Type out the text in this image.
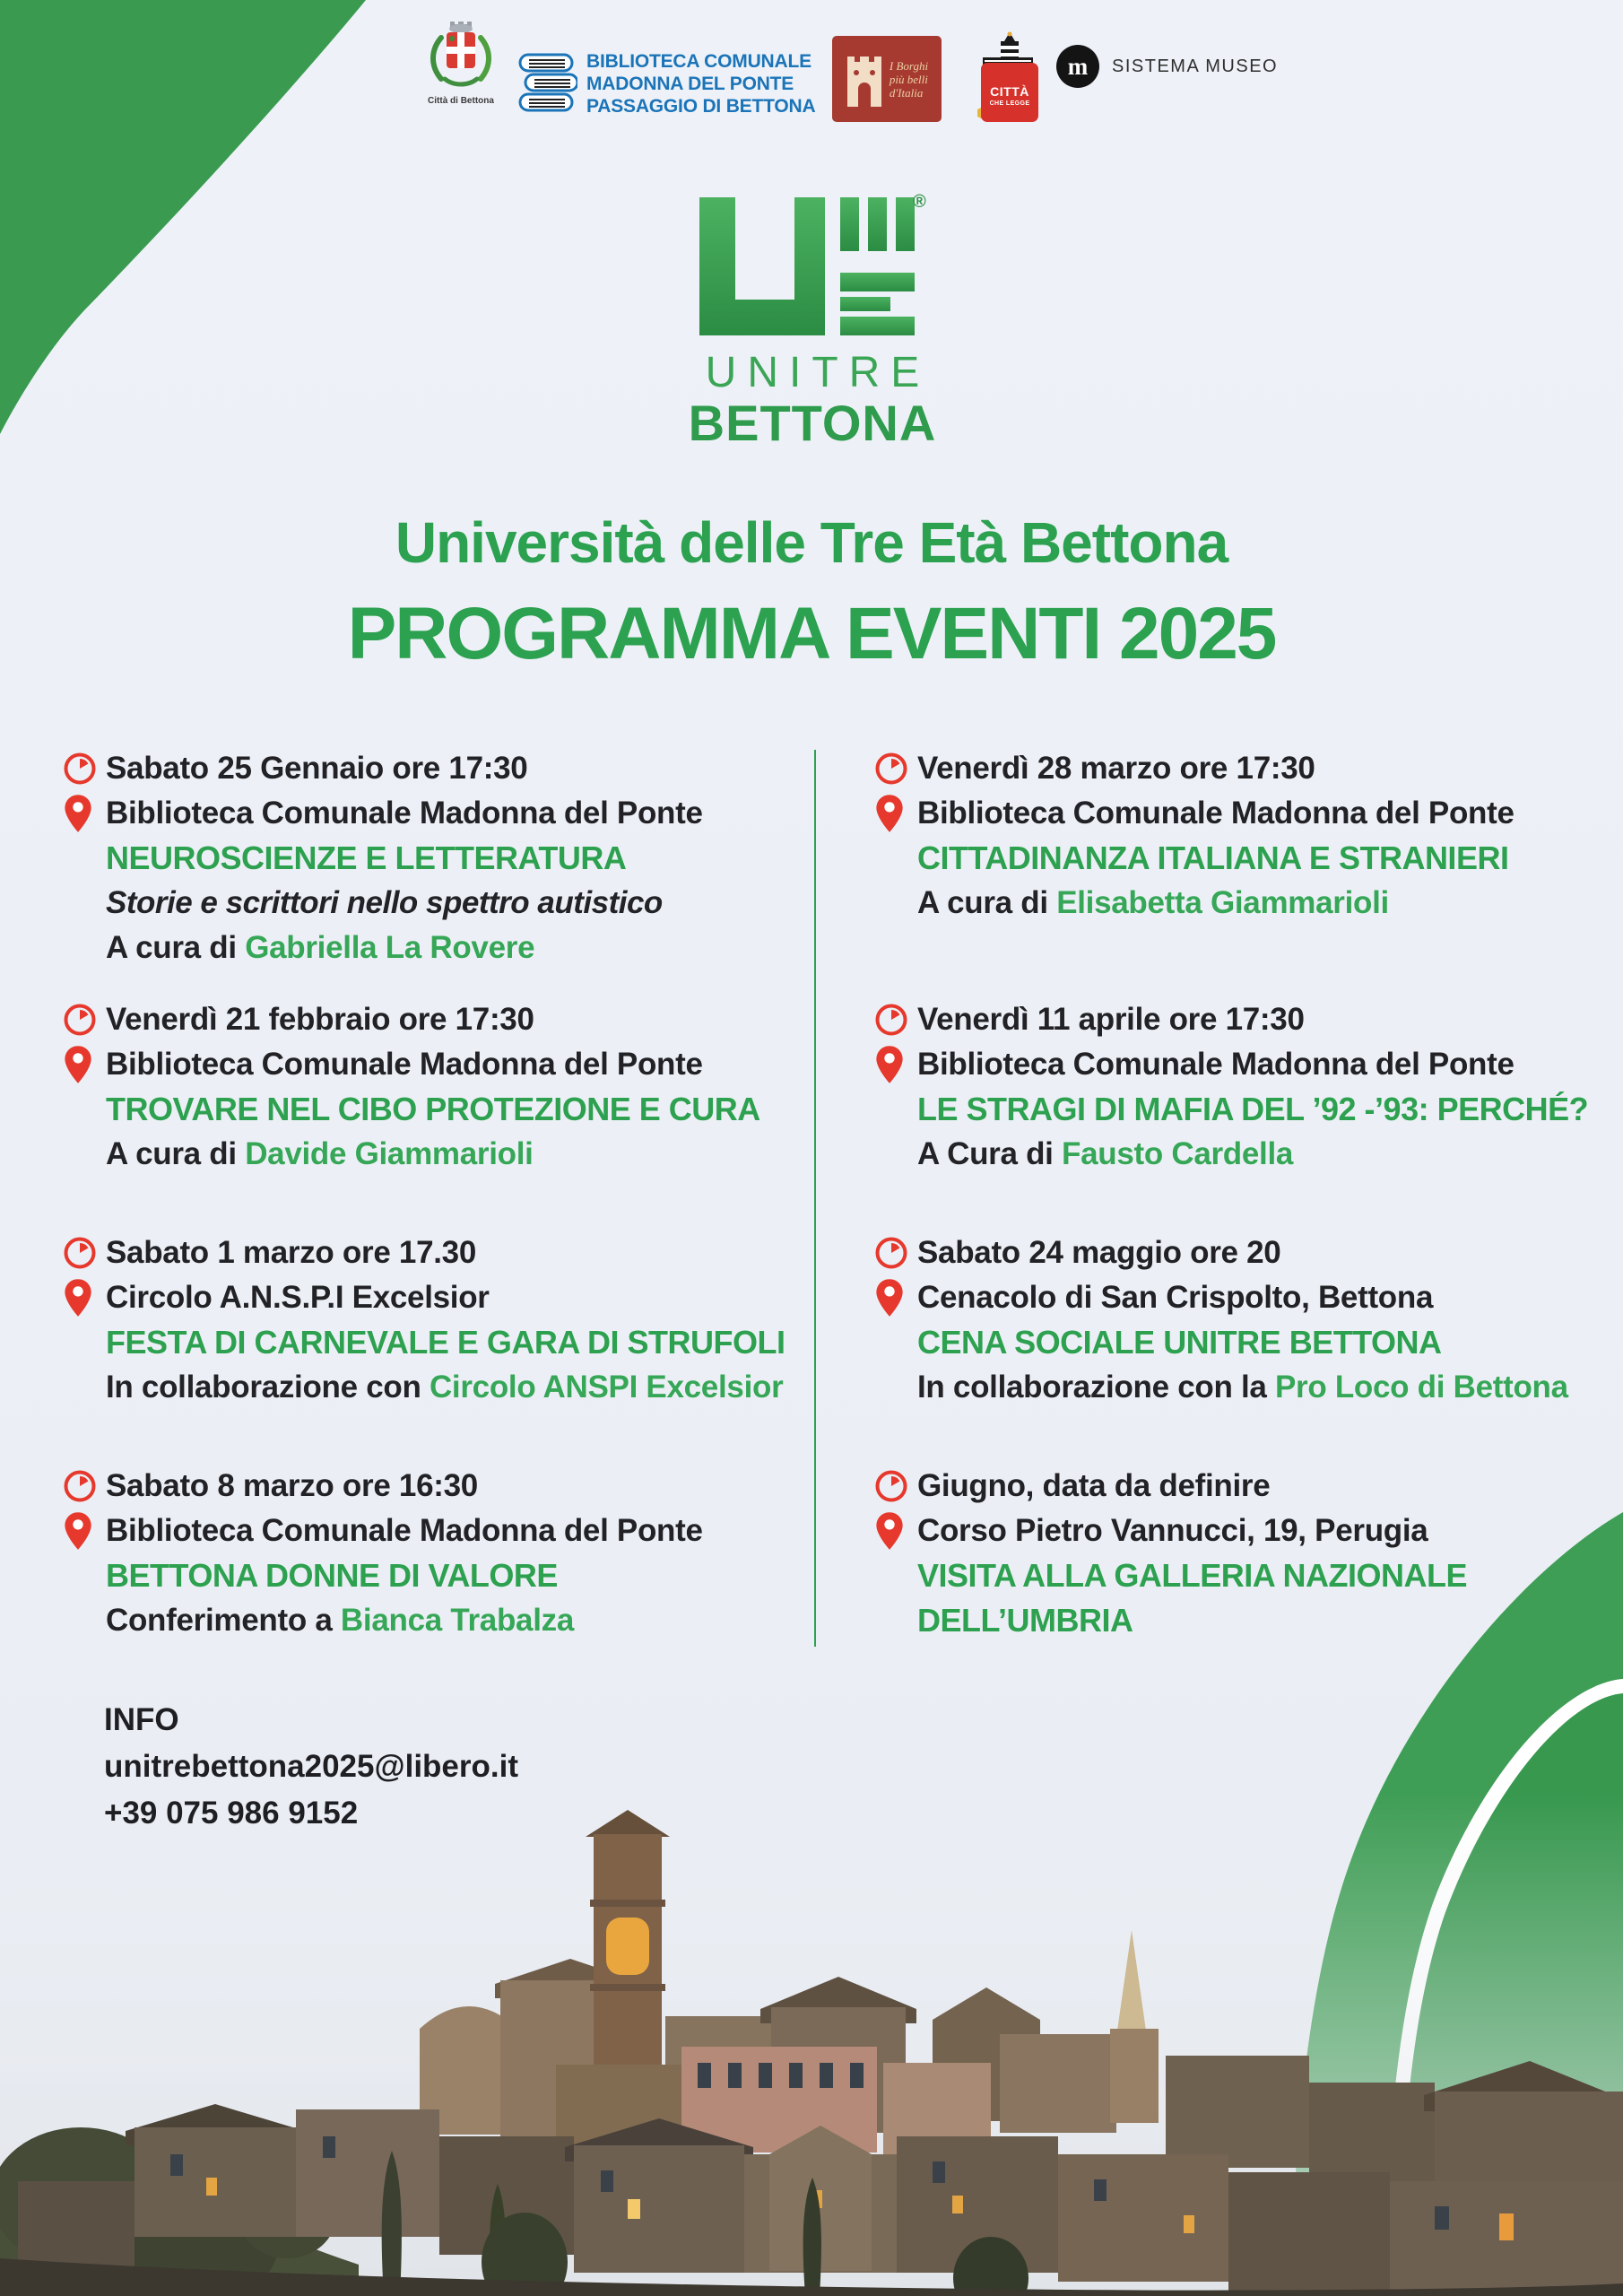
Città di Bettona
BIBLIOTECA COMUNALE
MADONNA DEL PONTE
PASSAGGIO DI BETTONA
I Borghi
più belli
d'Italia	CITTÀ
CHE LEGGE
m	SISTEMA MUSEO
®
UNITRE
BETTONA
Università delle Tre Età Bettona
PROGRAMMA EVENTI 2025
Sabato 25 Gennaio ore 17:30
Biblioteca Comunale Madonna del Ponte
NEUROSCIENZE E LETTERATURA
Storie e scrittori nello spettro autistico
A cura di Gabriella La Rovere
Venerdì 21 febbraio ore 17:30
Biblioteca Comunale Madonna del Ponte
TROVARE NEL CIBO PROTEZIONE E CURA
A cura di Davide Giammarioli
Sabato 1 marzo ore 17.30
Circolo A.N.S.P.I Excelsior
FESTA DI CARNEVALE E GARA DI STRUFOLI
In collaborazione con Circolo ANSPI Excelsior
Sabato 8 marzo ore 16:30
Biblioteca Comunale Madonna del Ponte
BETTONA DONNE DI VALORE
Conferimento a Bianca Trabalza
Venerdì 28 marzo ore 17:30
Biblioteca Comunale Madonna del Ponte
CITTADINANZA ITALIANA E STRANIERI
A cura di Elisabetta Giammarioli
Venerdì 11 aprile ore 17:30
Biblioteca Comunale Madonna del Ponte
LE STRAGI DI MAFIA DEL ’92 -’93: PERCHÉ?
A Cura di Fausto Cardella
Sabato 24 maggio ore 20
Cenacolo di San Crispolto, Bettona
CENA SOCIALE UNITRE BETTONA
In collaborazione con la Pro Loco di Bettona
Giugno, data da definire
Corso Pietro Vannucci, 19, Perugia
VISITA ALLA GALLERIA NAZIONALE DELL’UMBRIA
INFO
unitrebettona2025@libero.it
+39 075 986 9152
